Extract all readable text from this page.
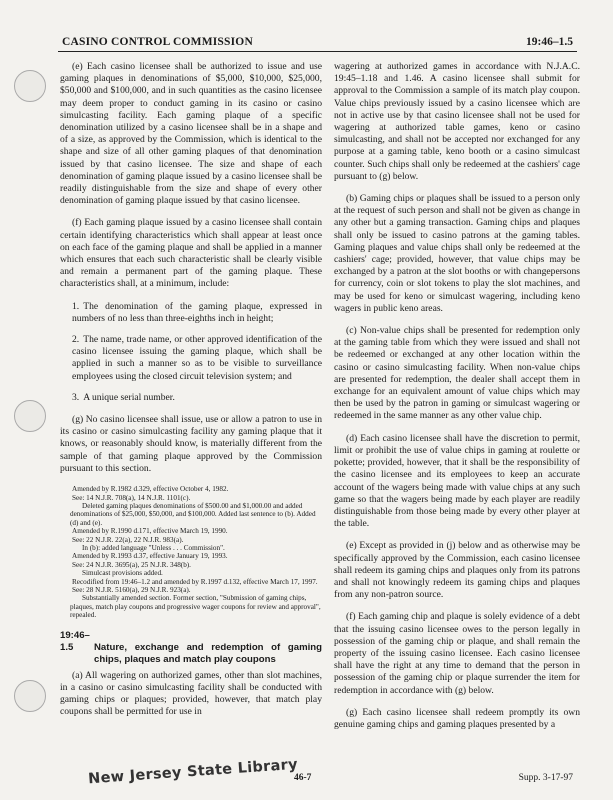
CASINO CONTROL COMMISSION	19:46–1.5

(e) Each casino licensee shall be authorized to issue and use gaming plaques in denominations of $5,000, $10,000, $25,000, $50,000 and $100,000, and in such quantities as the casino licensee may deem proper to conduct gaming in its casino or casino simulcasting facility. Each gaming plaque of a specific denomination utilized by a casino licensee shall be in a shape and of a size, as approved by the Commission, which is identical to the shape and size of all other gaming plaques of that denomination issued by that casino licensee. The size and shape of each denomination of gaming plaque issued by a casino licensee shall be readily distinguishable from the size and shape of every other denomination of gaming plaque issued by that casino licensee.

(f) Each gaming plaque issued by a casino licensee shall contain certain identifying characteristics which shall appear at least once on each face of the gaming plaque and shall be applied in a manner which ensures that each such characteristic shall be clearly visible and remain a permanent part of the gaming plaque. These characteristics shall, at a minimum, include:

1. The denomination of the gaming plaque, expressed in numbers of no less than three-eighths inch in height;
2. The name, trade name, or other approved identification of the casino licensee issuing the gaming plaque, which shall be applied in such a manner so as to be visible to surveillance employees using the closed circuit television system; and
3. A unique serial number.

(g) No casino licensee shall issue, use or allow a patron to use in its casino or casino simulcasting facility any gaming plaque that it knows, or reasonably should know, is materially different from the sample of that gaming plaque approved by the Commission pursuant to this section.

Amended by R.1982 d.329, effective October 4, 1982.

See: 14 N.J.R. 708(a), 14 N.J.R. 1101(c).

Deleted gaming plaques denominations of $500.00 and $1,000.00 and added denominations of $25,000, $50,000, and $100,000. Added last sentence to (b). Added (d) and (e).

Amended by R.1990 d.171, effective March 19, 1990.

See: 22 N.J.R. 22(a), 22 N.J.R. 983(a).

In (b): added language "Unless . . . Commission".

Amended by R.1993 d.37, effective January 19, 1993.

See: 24 N.J.R. 3695(a), 25 N.J.R. 348(b).

Simulcast provisions added.

Recodified from 19:46–1.2 and amended by R.1997 d.132, effective March 17, 1997.

See: 28 N.J.R. 5160(a), 29 N.J.R. 923(a).

Substantially amended section. Former section, "Submission of gaming chips, plaques, match play coupons and progressive wager coupons for review and approval", repealed.

19:46–1.5 Nature, exchange and redemption of gaming chips, plaques and match play coupons

(a) All wagering on authorized games, other than slot machines, in a casino or casino simulcasting facility shall be conducted with gaming chips or plaques; provided, however, that match play coupons shall be permitted for use in

wagering at authorized games in accordance with N.J.A.C. 19:45–1.18 and 1.46. A casino licensee shall submit for approval to the Commission a sample of its match play coupon. Value chips previously issued by a casino licensee which are not in active use by that casino licensee shall not be used for wagering at authorized table games, keno or casino simulcasting, and shall not be accepted nor exchanged for any purpose at a gaming table, keno booth or a casino simulcast counter. Such chips shall only be redeemed at the cashiers' cage pursuant to (g) below.

(b) Gaming chips or plaques shall be issued to a person only at the request of such person and shall not be given as change in any other but a gaming transaction. Gaming chips and plaques shall only be issued to casino patrons at the gaming tables. Gaming plaques and value chips shall only be redeemed at the cashiers' cage; provided, however, that value chips may be exchanged by a patron at the slot booths or with changepersons for currency, coin or slot tokens to play the slot machines, and may be used for keno or simulcast wagering, including keno wagers in public keno areas.

(c) Non-value chips shall be presented for redemption only at the gaming table from which they were issued and shall not be redeemed or exchanged at any other location within the casino or casino simulcasting facility. When non-value chips are presented for redemption, the dealer shall accept them in exchange for an equivalent amount of value chips which may then be used by the patron in gaming or simulcast wagering or redeemed in the same manner as any other value chip.

(d) Each casino licensee shall have the discretion to permit, limit or prohibit the use of value chips in gaming at roulette or pokette; provided, however, that it shall be the responsibility of the casino licensee and its employees to keep an accurate account of the wagers being made with value chips at any such game so that the wagers being made by each player are readily distinguishable from those being made by every other player at the table.

(e) Except as provided in (j) below and as otherwise may be specifically approved by the Commission, each casino licensee shall redeem its gaming chips and plaques only from its patrons and shall not knowingly redeem its gaming chips and plaques from any non-patron source.

(f) Each gaming chip and plaque is solely evidence of a debt that the issuing casino licensee owes to the person legally in possession of the gaming chip or plaque, and shall remain the property of the issuing casino licensee. Each casino licensee shall have the right at any time to demand that the person in possession of the gaming chip or plaque surrender the item for redemption in accordance with (g) below.

(g) Each casino licensee shall redeem promptly its own genuine gaming chips and gaming plaques presented by a

New Jersey State Library
46-7	Supp. 3-17-97
